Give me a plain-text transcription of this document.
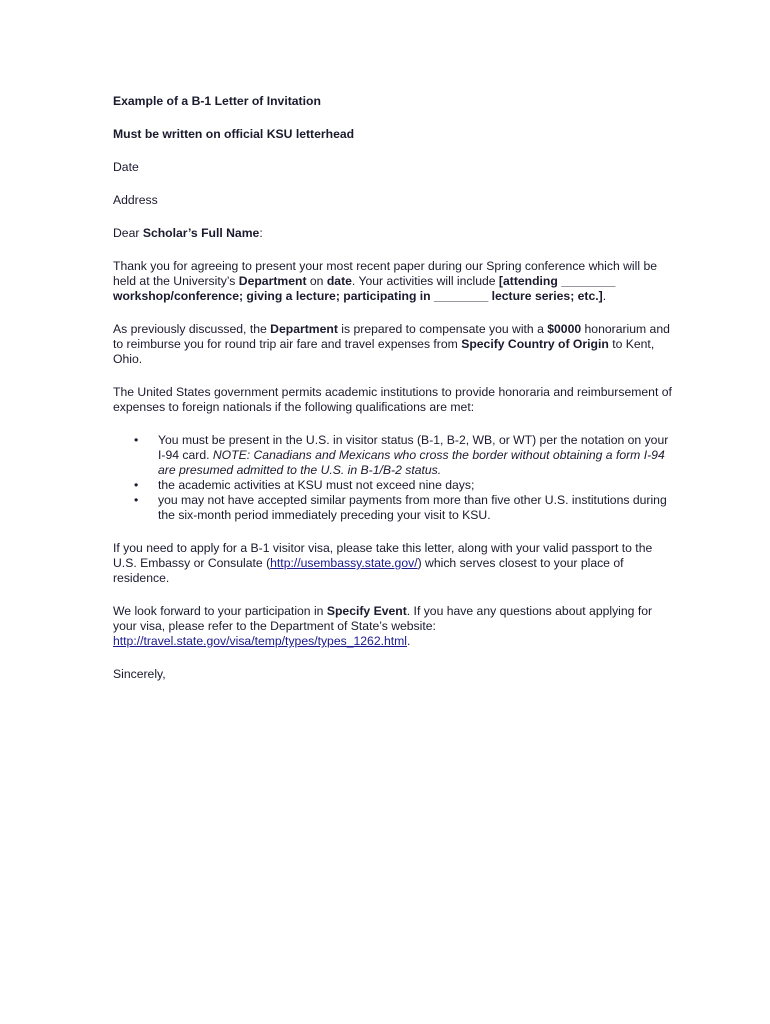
Example of a B-1 Letter of Invitation

Must be written on official KSU letterhead

Date

Address

Dear Scholar’s Full Name:

Thank you for agreeing to present your most recent paper during our Spring conference which will be held at the University’s Department on date. Your activities will include [attending ________ workshop/conference; giving a lecture; participating in ________ lecture series; etc.].

As previously discussed, the Department is prepared to compensate you with a $0000 honorarium and to reimburse you for round trip air fare and travel expenses from Specify Country of Origin to Kent, Ohio.

The United States government permits academic institutions to provide honoraria and reimbursement of expenses to foreign nationals if the following qualifications are met:

• You must be present in the U.S. in visitor status (B-1, B-2, WB, or WT) per the notation on your I-94 card. NOTE: Canadians and Mexicans who cross the border without obtaining a form I-94 are presumed admitted to the U.S. in B-1/B-2 status.
• the academic activities at KSU must not exceed nine days;
• you may not have accepted similar payments from more than five other U.S. institutions during the six-month period immediately preceding your visit to KSU.

If you need to apply for a B-1 visitor visa, please take this letter, along with your valid passport to the U.S. Embassy or Consulate (http://usembassy.state.gov/) which serves closest to your place of residence.

We look forward to your participation in Specify Event. If you have any questions about applying for your visa, please refer to the Department of State’s website: http://travel.state.gov/visa/temp/types/types_1262.html.

Sincerely,
